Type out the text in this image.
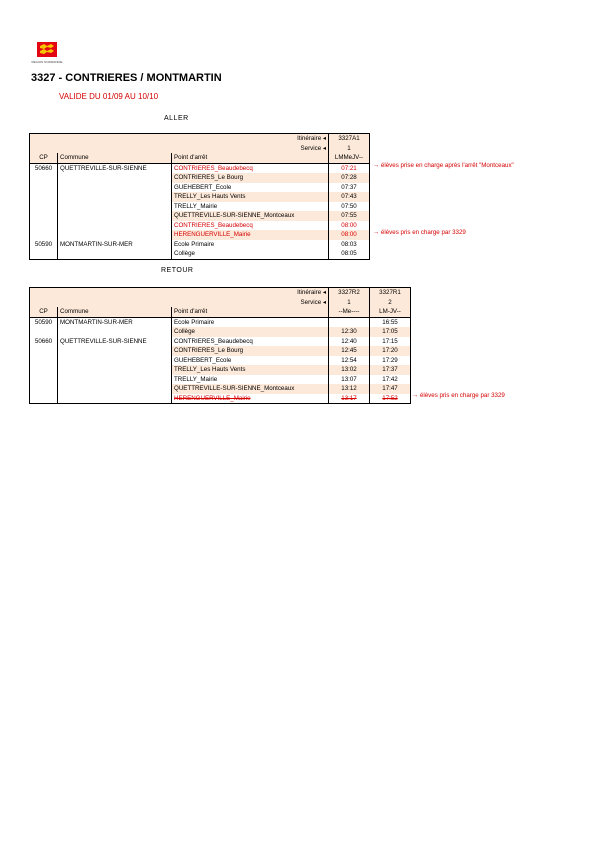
REGION NORMANDIE
3327 - CONTRIERES / MONTMARTIN
VALIDE DU 01/09 AU 10/10
ALLER
		Itinéraire ◂	3327A1
		Service ◂	1
CP	Commune	Point d'arrêt	LMMeJV--
50660	QUETTREVILLE-SUR-SIENNE	CONTRIERES_Beaudebecq	07:21
		CONTRIERES_Le Bourg	07:28
		GUEHEBERT_Ecole	07:37
		TRELLY_Les Hauts Vents	07:43
		TRELLY_Mairie	07:50
		QUETTREVILLE-SUR-SIENNE_Montceaux	07:55
		CONTRIERES_Beaudebecq	08:00
		HERENGUERVILLE_Mairie	08:00
50590	MONTMARTIN-SUR-MER	Ecole Primaire	08:03
		Collège	08:05
→ élèves prise en charge après l'arrêt "Montceaux"
→ élèves pris en charge par 3329
RETOUR
		Itinéraire ◂	3327R2	3327R1
		Service ◂	1	2
CP	Commune	Point d'arrêt	--Me----	LM-JV--
50590	MONTMARTIN-SUR-MER	Ecole Primaire		16:55
		Collège	12:30	17:05
50660	QUETTREVILLE-SUR-SIENNE	CONTRIERES_Beaudebecq	12:40	17:15
		CONTRIERES_Le Bourg	12:45	17:20
		GUEHEBERT_Ecole	12:54	17:29
		TRELLY_Les Hauts Vents	13:02	17:37
		TRELLY_Mairie	13:07	17:42
		QUETTREVILLE-SUR-SIENNE_Montceaux	13:12	17:47
		HERENGUERVILLE_Mairie	13:17	17:52 → élèves pris en charge par 3329
